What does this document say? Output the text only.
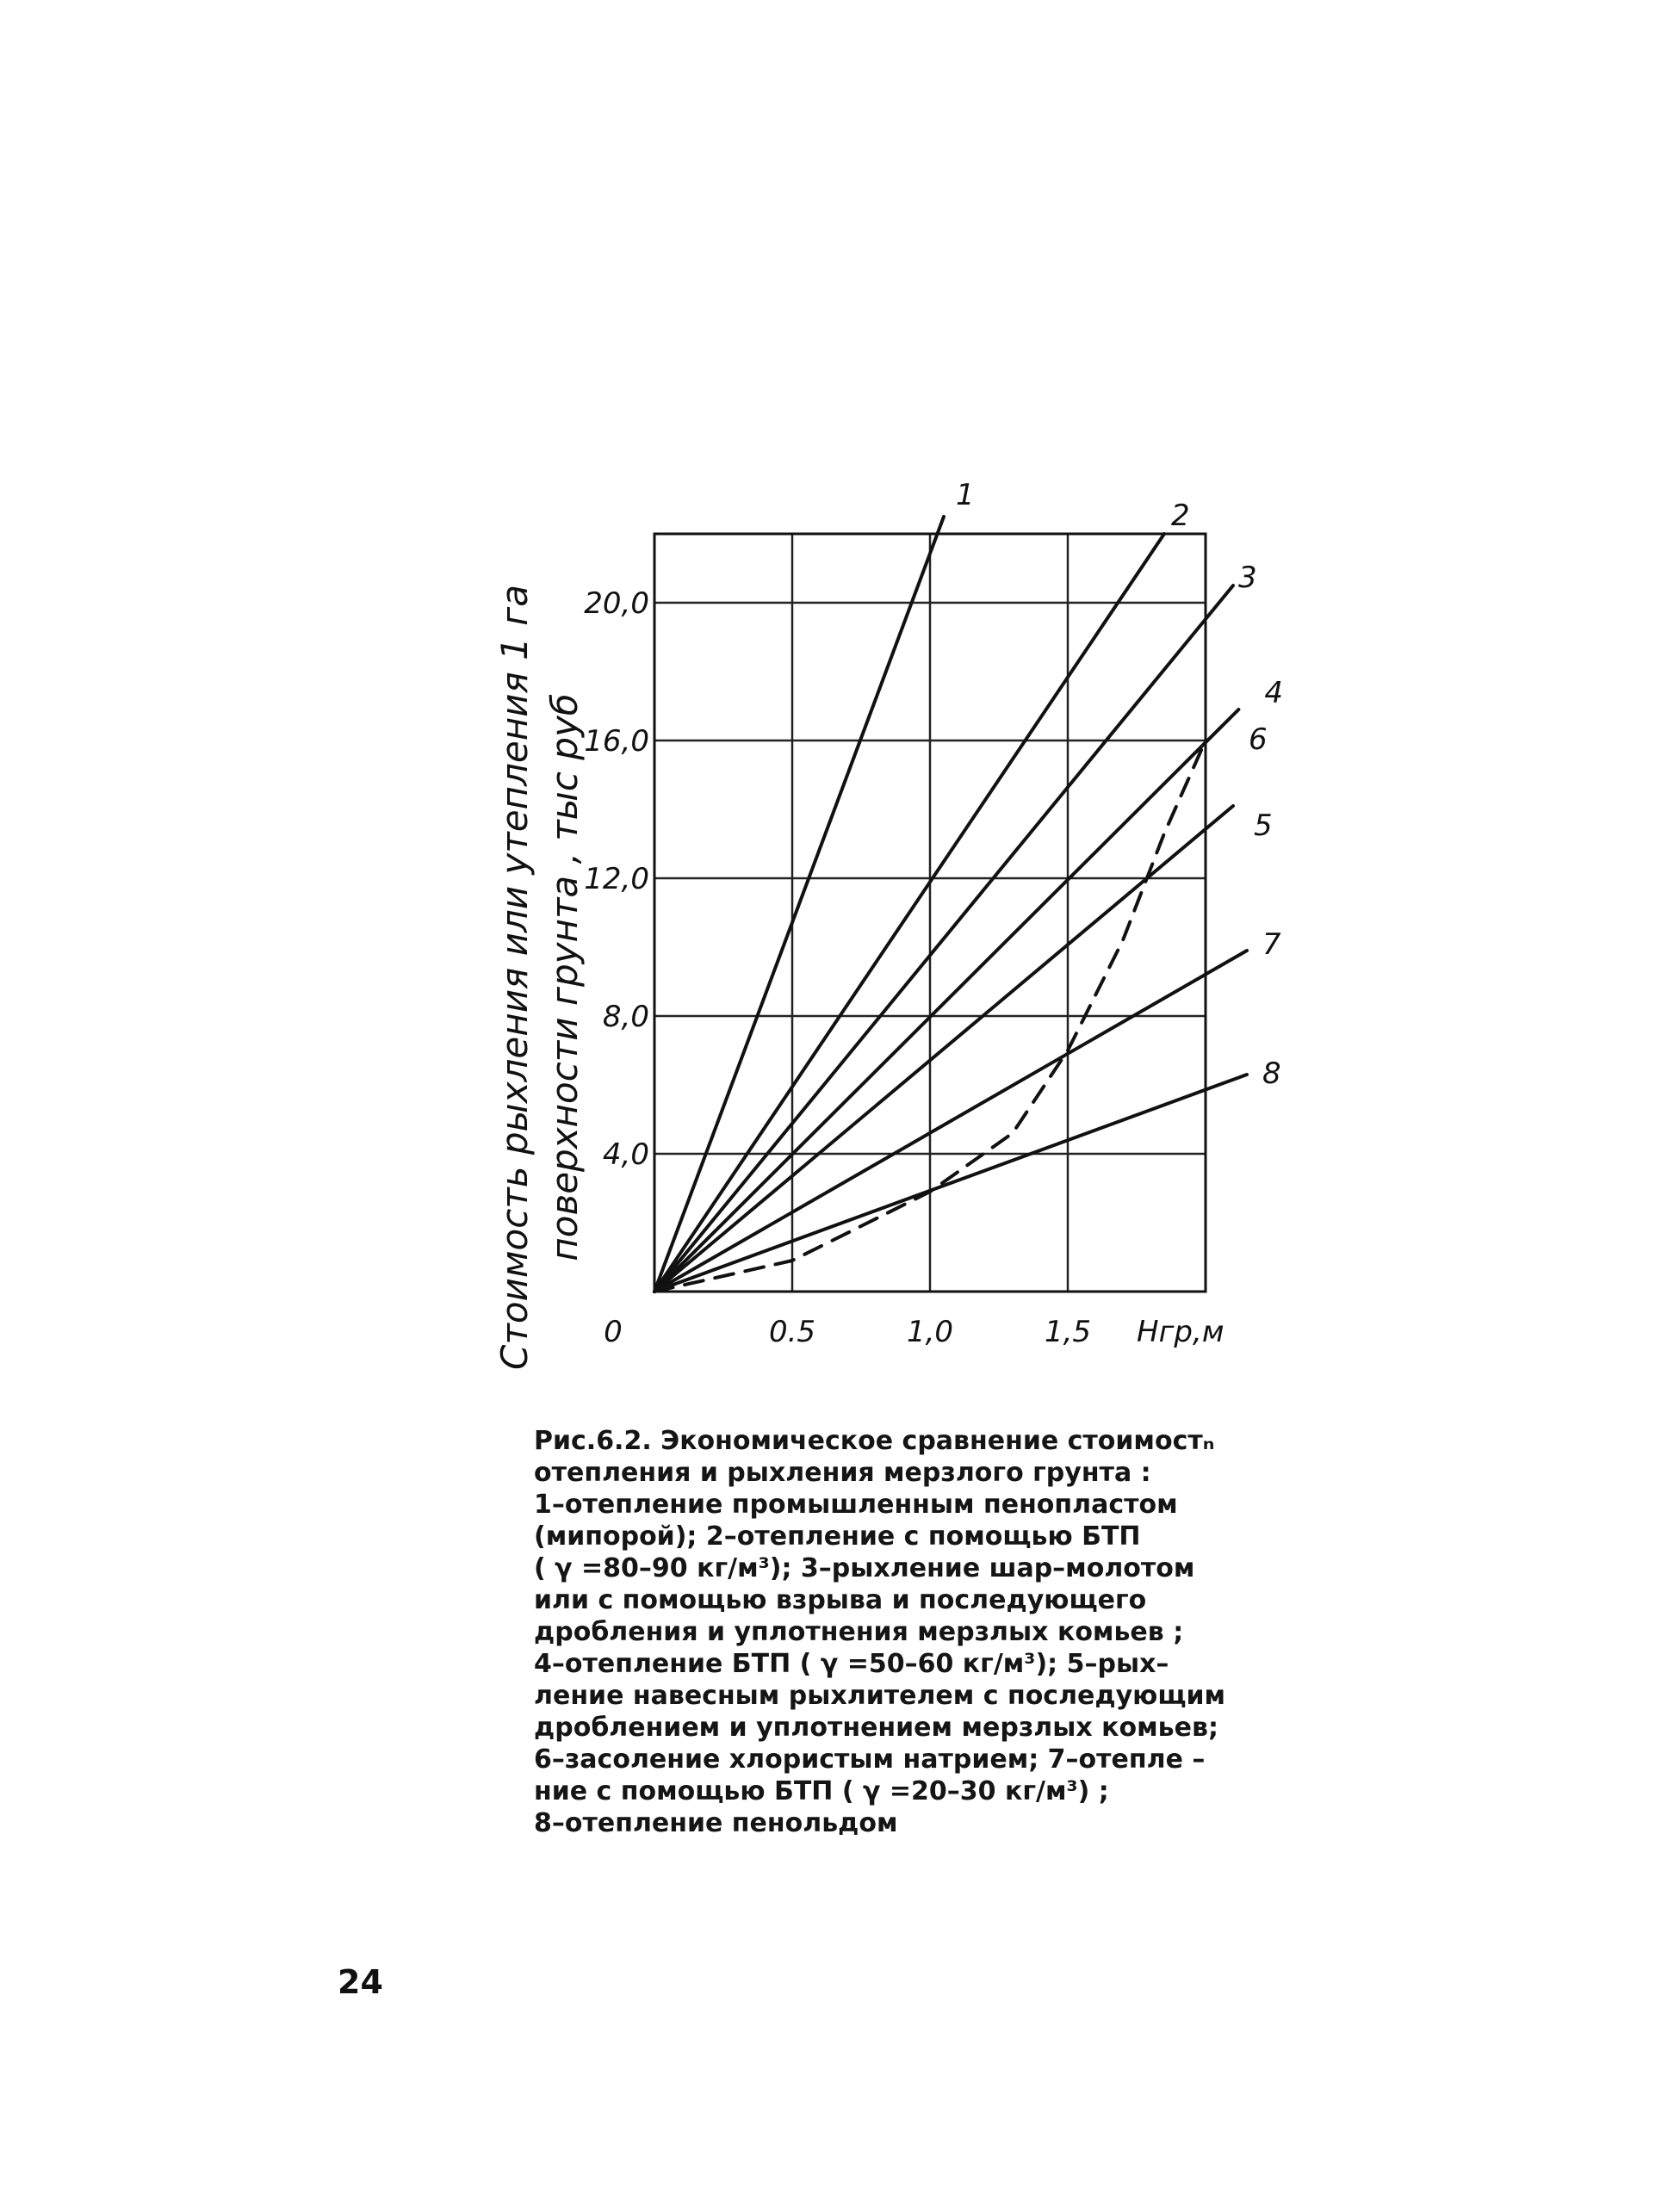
4,0
8,0
12,0
16,0
20,0
0	0.5	1,0	1,5
1
2
3
4
5
6
7
8
Hгр,м
Стоимость рыхления или утепления 1 га поверхности грунта , тыс руб

Рис.6.2. Экономическое сравнение стоимостₙ

отепления и рыхления мерзлого грунта :

1–отепление промышленным пенопластом

(мипорой); 2–отепление с помощью БТП

( γ =80–90 кг/м³); 3–рыхление шар–молотом

или с помощью взрыва и последующего

дробления и уплотнения мерзлых комьев ;

4–отепление БТП ( γ =50–60 кг/м³); 5–рых–

ление навесным рыхлителем с последующим

дроблением и уплотнением мерзлых комьев;

6–засоление хлористым натрием; 7–отепле –

ние с помощью БТП ( γ =20–30 кг/м³) ;

8–отепление пенольдом

24
